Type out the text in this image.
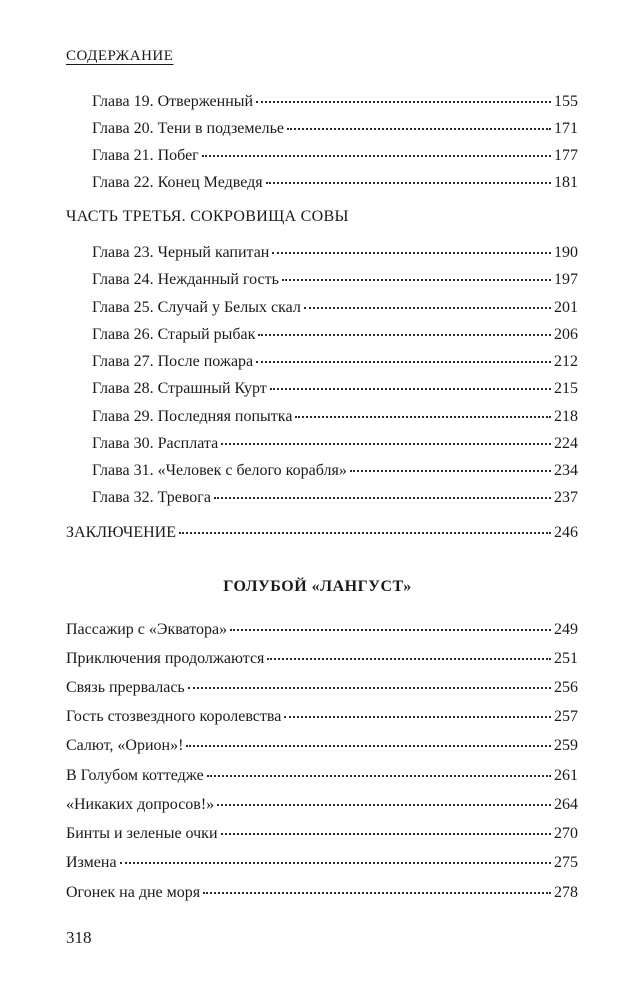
СОДЕРЖАНИЕ
Глава 19. Отверженный	155
Глава 20. Тени в подземелье	171
Глава 21. Побег	177
Глава 22. Конец Медведя	181
ЧАСТЬ ТРЕТЬЯ. СОКРОВИЩА СОВЫ
Глава 23. Черный капитан	190
Глава 24. Нежданный гость	197
Глава 25. Случай у Белых скал	201
Глава 26. Старый рыбак	206
Глава 27. После пожара	212
Глава 28. Страшный Курт	215
Глава 29. Последняя попытка	218
Глава 30. Расплата	224
Глава 31. «Человек с белого корабля»	234
Глава 32. Тревога	237
ЗАКЛЮЧЕНИЕ	246
ГОЛУБОЙ «ЛАНГУСТ»
Пассажир с «Экватора»	249
Приключения продолжаются	251
Связь прервалась	256
Гость стозвездного королевства	257
Салют, «Орион»!	259
В Голубом коттедже	261
«Никаких допросов!»	264
Бинты и зеленые очки	270
Измена	275
Огонек на дне моря	278
318
